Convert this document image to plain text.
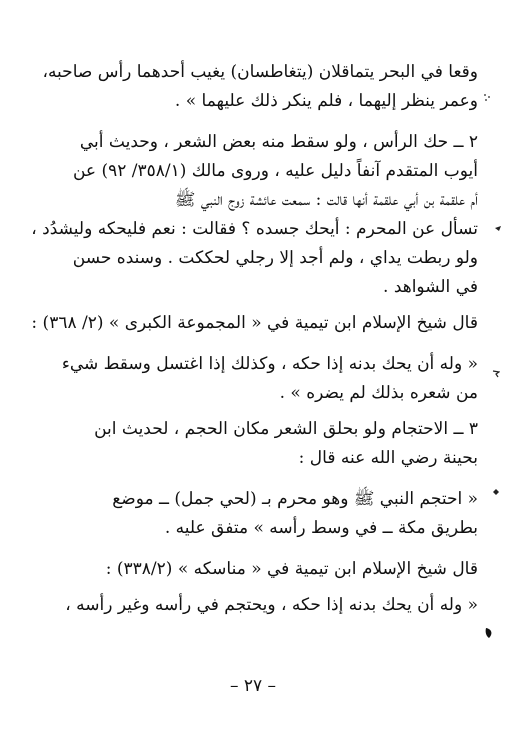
وقعا في البحر يتماقلان (يتغاطسان) يغيب أحدهما رأس صاحبه،
وعمر ينظر إليهما ، فلم ينكر ذلك عليهما » .
٢ ــ حك الرأس ، ولو سقط منه بعض الشعر ، وحديث أبي
أيوب المتقدم آنفاً دليل عليه ، وروى مالك (٣٥٨/١/ ٩٢) عن
أم علقمة بن أبي علقمة أنها قالت : سمعت عائشة زوج النبي ﷺ
تسأل عن المحرم : أيحك جسده ؟ فقالت : نعم فليحكه وليشدُد ،
ولو ربطت يداي ، ولم أجد إلا رجلي لحككت . وسنده حسن
في الشواهد .
قال شيخ الإسلام ابن تيمية في « المجموعة الكبرى » (٢/ ٣٦٨) :
« وله أن يحك بدنه إذا حكه ، وكذلك إذا اغتسل وسقط شيء
من شعره بذلك لم يضره » .
٣ ــ الاحتجام ولو بحلق الشعر مكان الحجم ، لحديث ابن
بحينة رضي الله عنه قال :
« احتجم النبي ﷺ وهو محرم بـ (لحي جمل) ــ موضع
بطريق مكة ــ في وسط رأسه » متفق عليه .
قال شيخ الإسلام ابن تيمية في « مناسكه » (٣٣٨/٢) :
« وله أن يحك بدنه إذا حكه ، ويحتجم في رأسه وغير رأسه ،
– ٢٧ –
